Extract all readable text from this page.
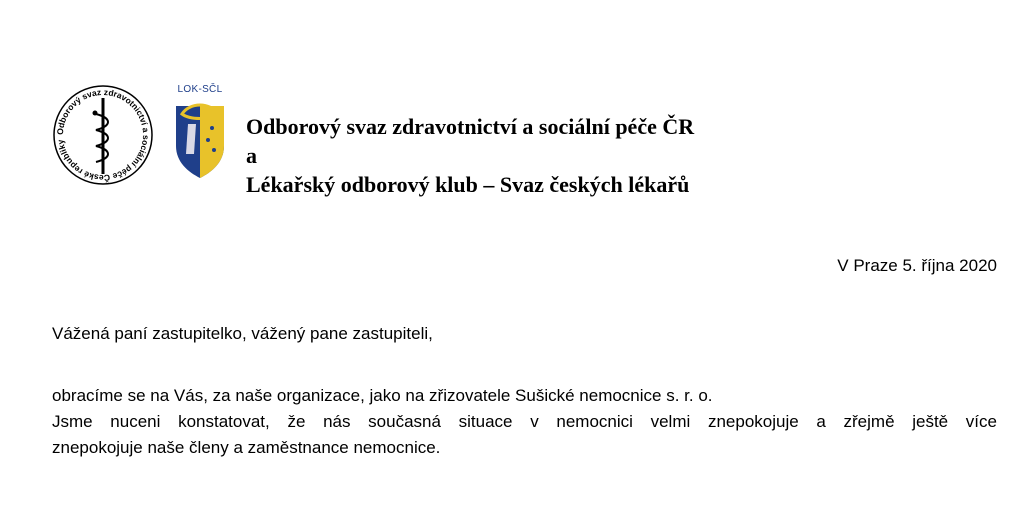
Odborový svaz zdravotnictví a sociální péče České republiky
LOK-SČL
Odborový svaz zdravotnictví a sociální péče ČR
a
Lékařský odborový klub – Svaz českých lékařů
V Praze 5. října 2020
Vážená paní zastupitelko, vážený pane zastupiteli,
obracíme se na Vás, za naše organizace, jako na zřizovatele Sušické nemocnice s. r. o.
Jsme nuceni konstatovat, že nás současná situace v nemocnici velmi znepokojuje a zřejmě ještě více
znepokojuje naše členy a zaměstnance nemocnice.
